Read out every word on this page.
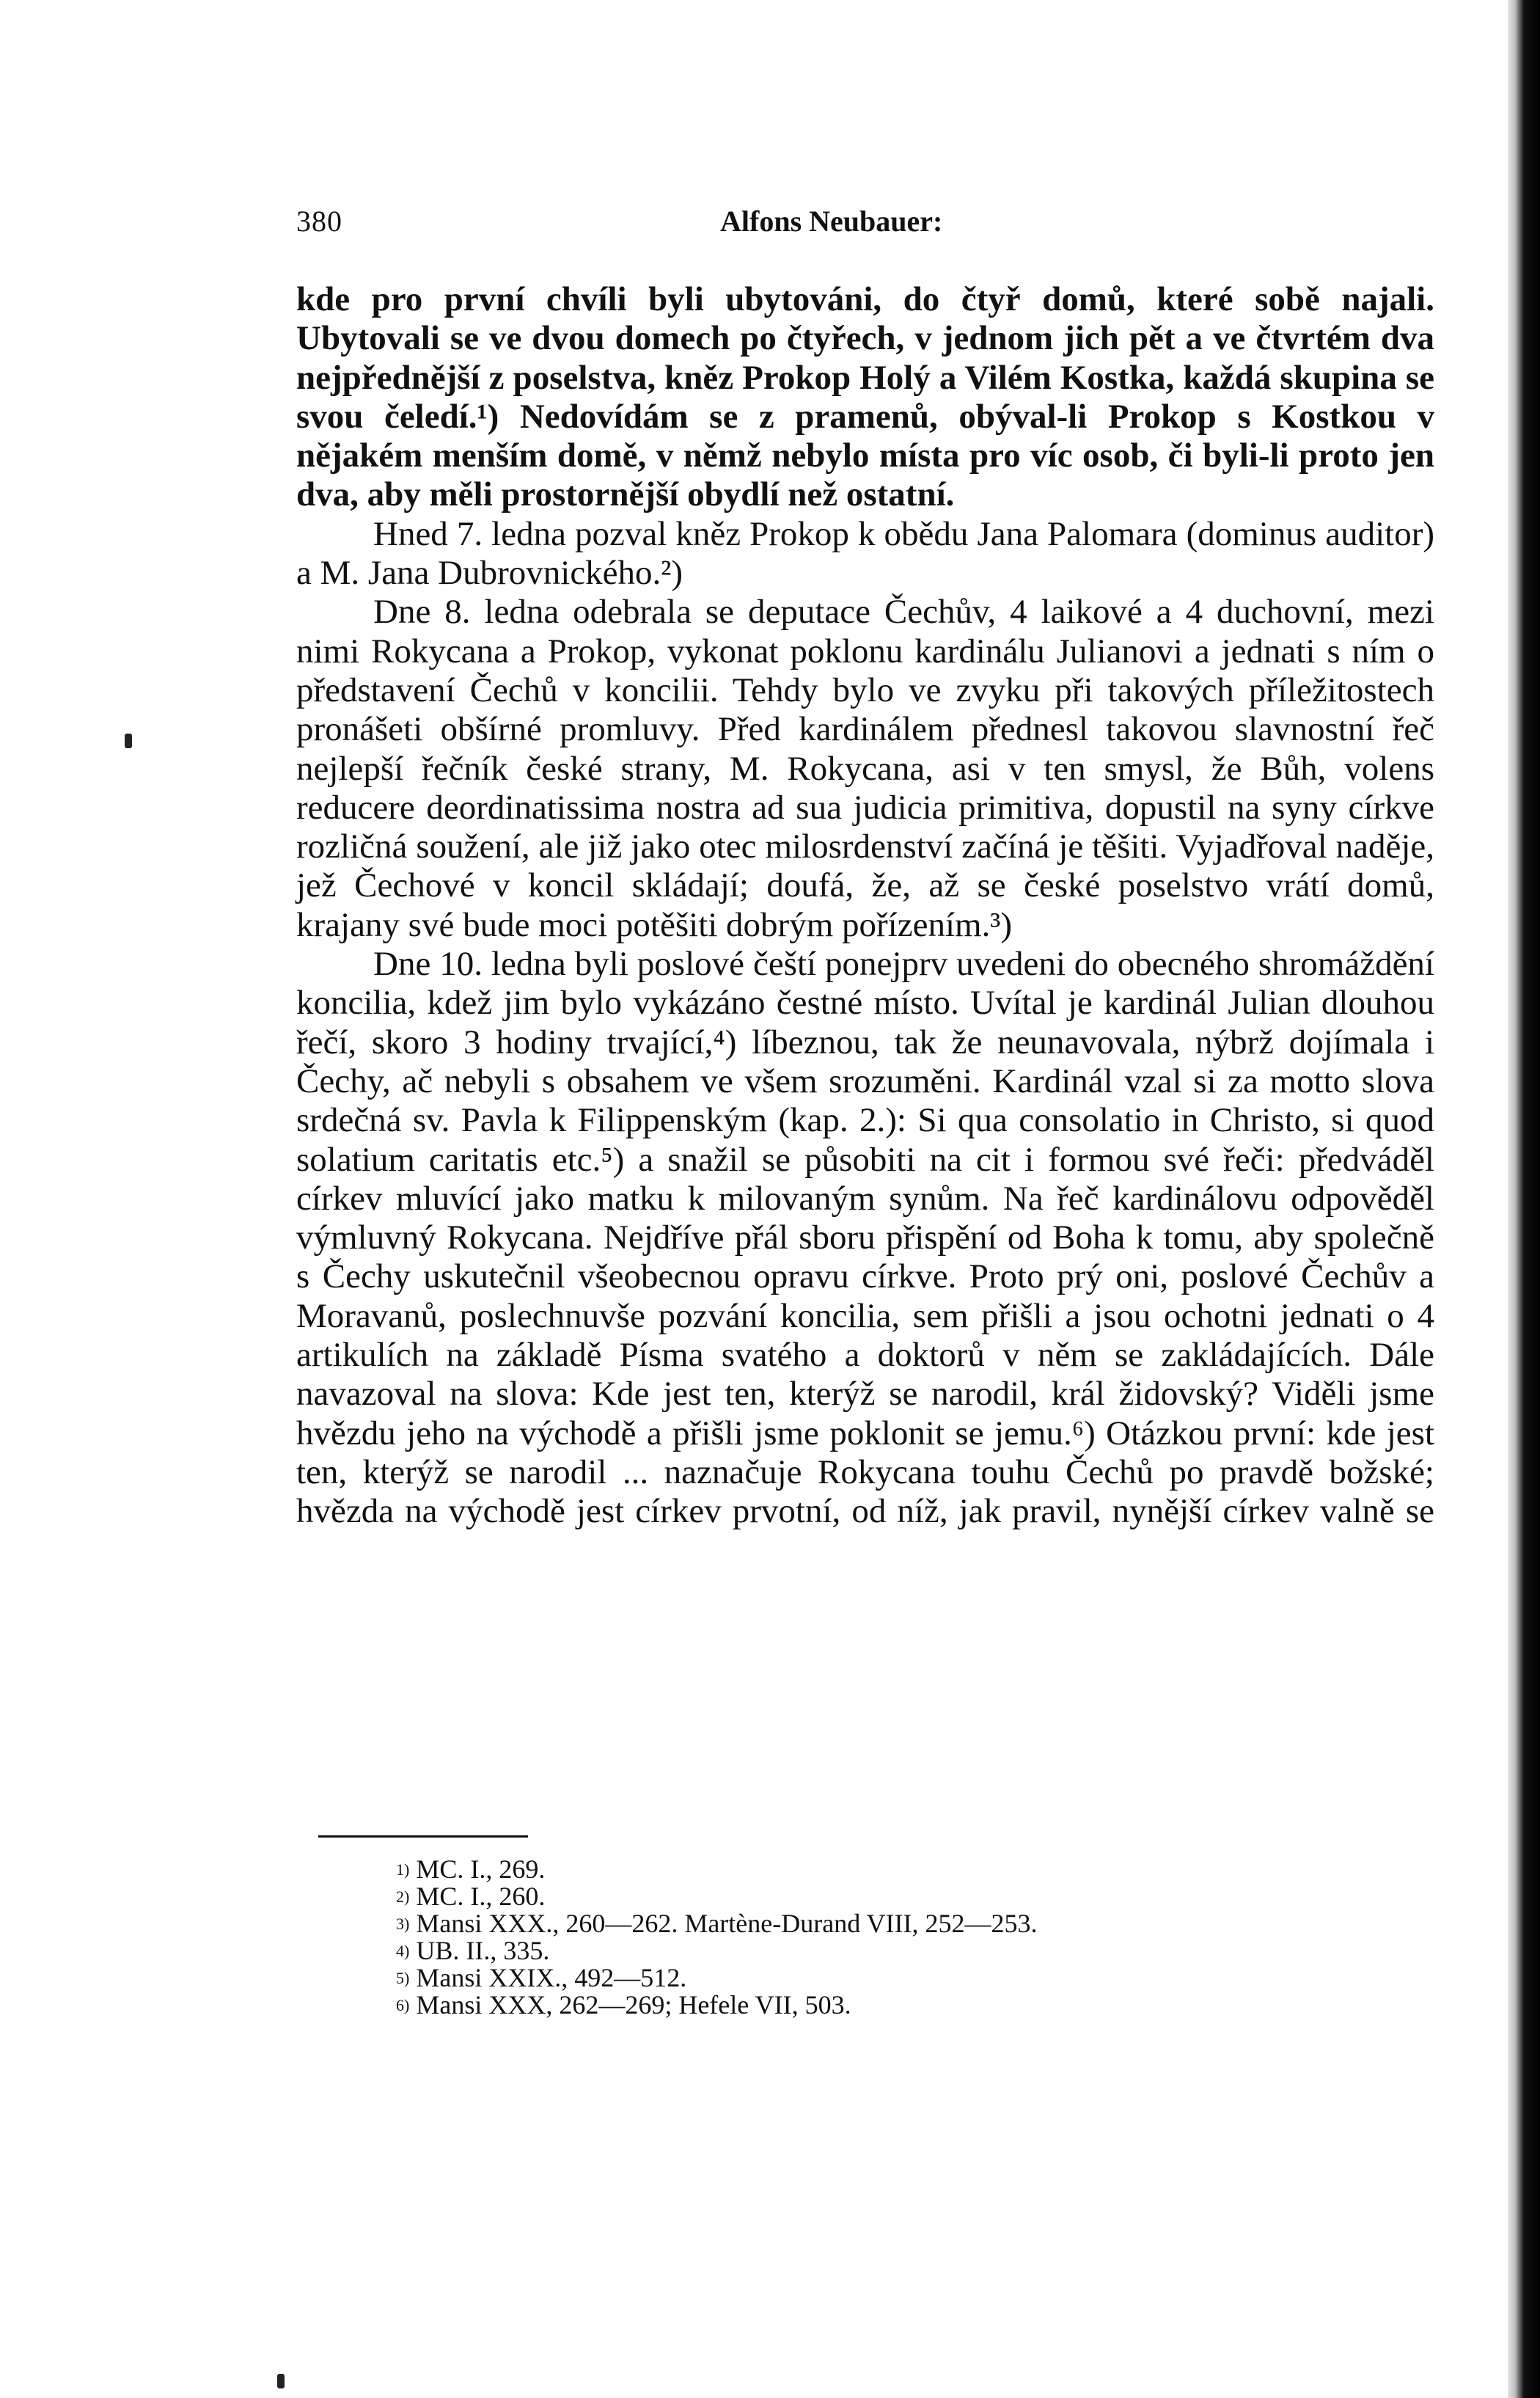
380	Alfons Neubauer:

kde pro první chvíli byli ubytováni, do čtyř domů, které sobě najali. Ubytovali se ve dvou domech po čtyřech, v jednom jich pět a ve čtvrtém dva nejpřednější z poselstva, kněz Prokop Holý a Vilém Kostka, každá skupina se svou čeledí.¹) Nedovídám se z pramenů, obýval-li Prokop s Kostkou v nějakém menším domě, v němž nebylo místa pro víc osob, či byli-li proto jen dva, aby měli prostornější obydlí než ostatní.

Hned 7. ledna pozval kněz Prokop k obědu Jana Palomara (dominus auditor) a M. Jana Dubrovnického.²)

Dne 8. ledna odebrala se deputace Čechův, 4 laikové a 4 duchovní, mezi nimi Rokycana a Prokop, vykonat poklonu kardinálu Julianovi a jednati s ním o představení Čechů v koncilii. Tehdy bylo ve zvyku při takových příležitostech pronášeti obšírné promluvy. Před kardinálem přednesl takovou slavnostní řeč nejlepší řečník české strany, M. Rokycana, asi v ten smysl, že Bůh, volens reducere deordinatissima nostra ad sua judicia primitiva, dopustil na syny církve rozličná soužení, ale již jako otec milosrdenství začíná je těšiti. Vyjadřoval naděje, jež Čechové v koncil skládají; doufá, že, až se české poselstvo vrátí domů, krajany své bude moci potěšiti dobrým pořízením.³)

Dne 10. ledna byli poslové čeští ponejprv uvedeni do obecného shromáždění koncilia, kdež jim bylo vykázáno čestné místo. Uvítal je kardinál Julian dlouhou řečí, skoro 3 hodiny trvající,⁴) líbeznou, tak že neunavovala, nýbrž dojímala i Čechy, ač nebyli s obsahem ve všem srozuměni. Kardinál vzal si za motto slova srdečná sv. Pavla k Filippenským (kap. 2.): Si qua consolatio in Christo, si quod solatium caritatis etc.⁵) a snažil se působiti na cit i formou své řeči: předváděl církev mluvící jako matku k milovaným synům. Na řeč kardinálovu odpověděl výmluvný Rokycana. Nejdříve přál sboru přispění od Boha k tomu, aby společně s Čechy uskutečnil všeobecnou opravu církve. Proto prý oni, poslové Čechův a Moravanů, poslechnuvše pozvání koncilia, sem přišli a jsou ochotni jednati o 4 artikulích na základě Písma svatého a doktorů v něm se zakládajících. Dále navazoval na slova: Kde jest ten, kterýž se narodil, král židovský? Viděli jsme hvězdu jeho na východě a přišli jsme poklonit se jemu.⁶) Otázkou první: kde jest ten, kterýž se narodil ... naznačuje Rokycana touhu Čechů po pravdě božské; hvězda na východě jest církev prvotní, od níž, jak pravil, nynější církev valně se

$^{1)}$ MC. I., 269.
$^{2)}$ MC. I., 260.
$^{3)}$ Mansi XXX., 260—262. Martène-Durand VIII, 252—253.
$^{4)}$ UB. II., 335.
$^{5)}$ Mansi XXIX., 492—512.
$^{6)}$ Mansi XXX, 262—269; Hefele VII, 503.
